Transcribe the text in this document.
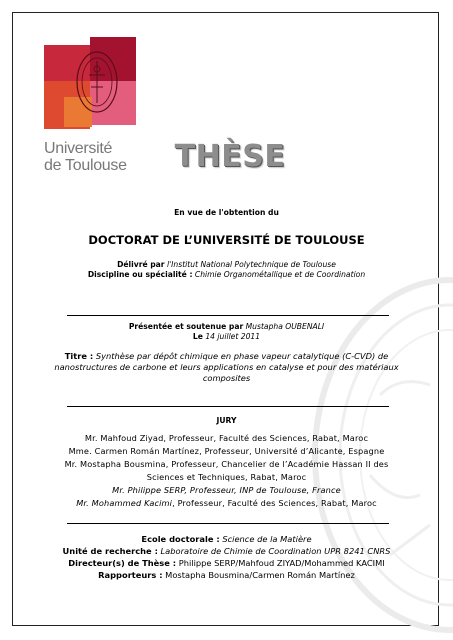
Université
de Toulouse	THÈSE
En vue de l'obtention du
DOCTORAT DE L’UNIVERSITÉ DE TOULOUSE
Délivré par l'Institut National Polytechnique de Toulouse
Discipline ou spécialité : Chimie Organométallique et de Coordination
Présentée et soutenue par Mustapha OUBENALI
Le 14 juillet 2011
Titre : Synthèse par dépôt chimique en phase vapeur catalytique (C-CVD) de
nanostructures de carbone et leurs applications en catalyse et pour des matériaux
composites
JURY
Mr. Mahfoud Ziyad, Professeur, Faculté des Sciences, Rabat, Maroc
Mme. Carmen Román Martínez, Professeur, Université d’Alicante, Espagne
Mr. Mostapha Bousmina, Professeur, Chancelier de l’Académie Hassan II des
Sciences et Techniques, Rabat, Maroc
Mr. Philippe SERP, Professeur, INP de Toulouse, France
Mr. Mohammed Kacimi, Professeur, Faculté des Sciences, Rabat, Maroc
Ecole doctorale : Science de la Matière
Unité de recherche : Laboratoire de Chimie de Coordination UPR 8241 CNRS
Directeur(s) de Thèse : Philippe SERP/Mahfoud ZIYAD/Mohammed KACIMI
Rapporteurs : Mostapha Bousmina/Carmen Román Martínez
